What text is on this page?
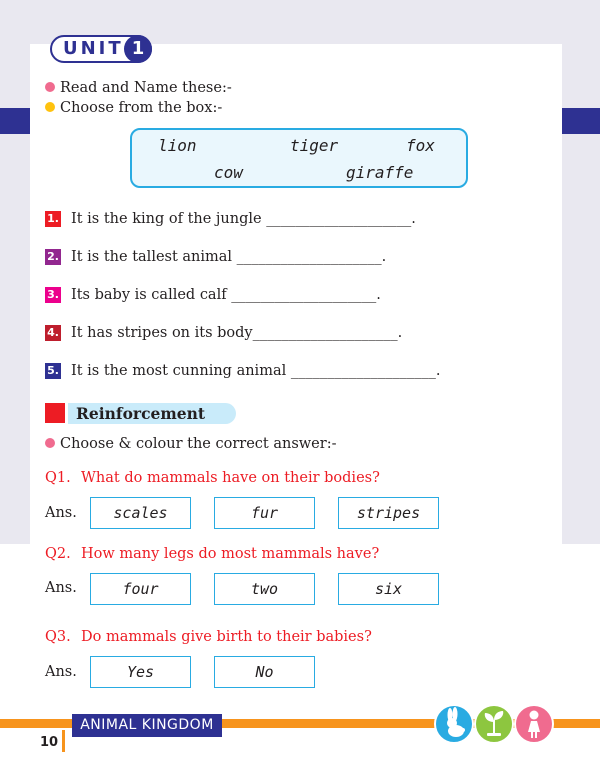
UNIT 1
Read and Name these:-
Choose from the box:-
lion	tiger	fox
cow	giraffe
1. It is the king of the jungle ____________________.
2. It is the tallest animal ____________________.
3. Its baby is called calf ____________________.
4. It has stripes on its body____________________.
5. It is the most cunning animal ____________________.
Reinforcement
Choose & colour the correct answer:-
Q1. What do mammals have on their bodies?
Ans.	scales	fur	stripes
Q2. How many legs do most mammals have?
Ans.	four	two	six
Q3. Do mammals give birth to their babies?
Ans.	Yes	No
ANIMAL KINGDOM
10
